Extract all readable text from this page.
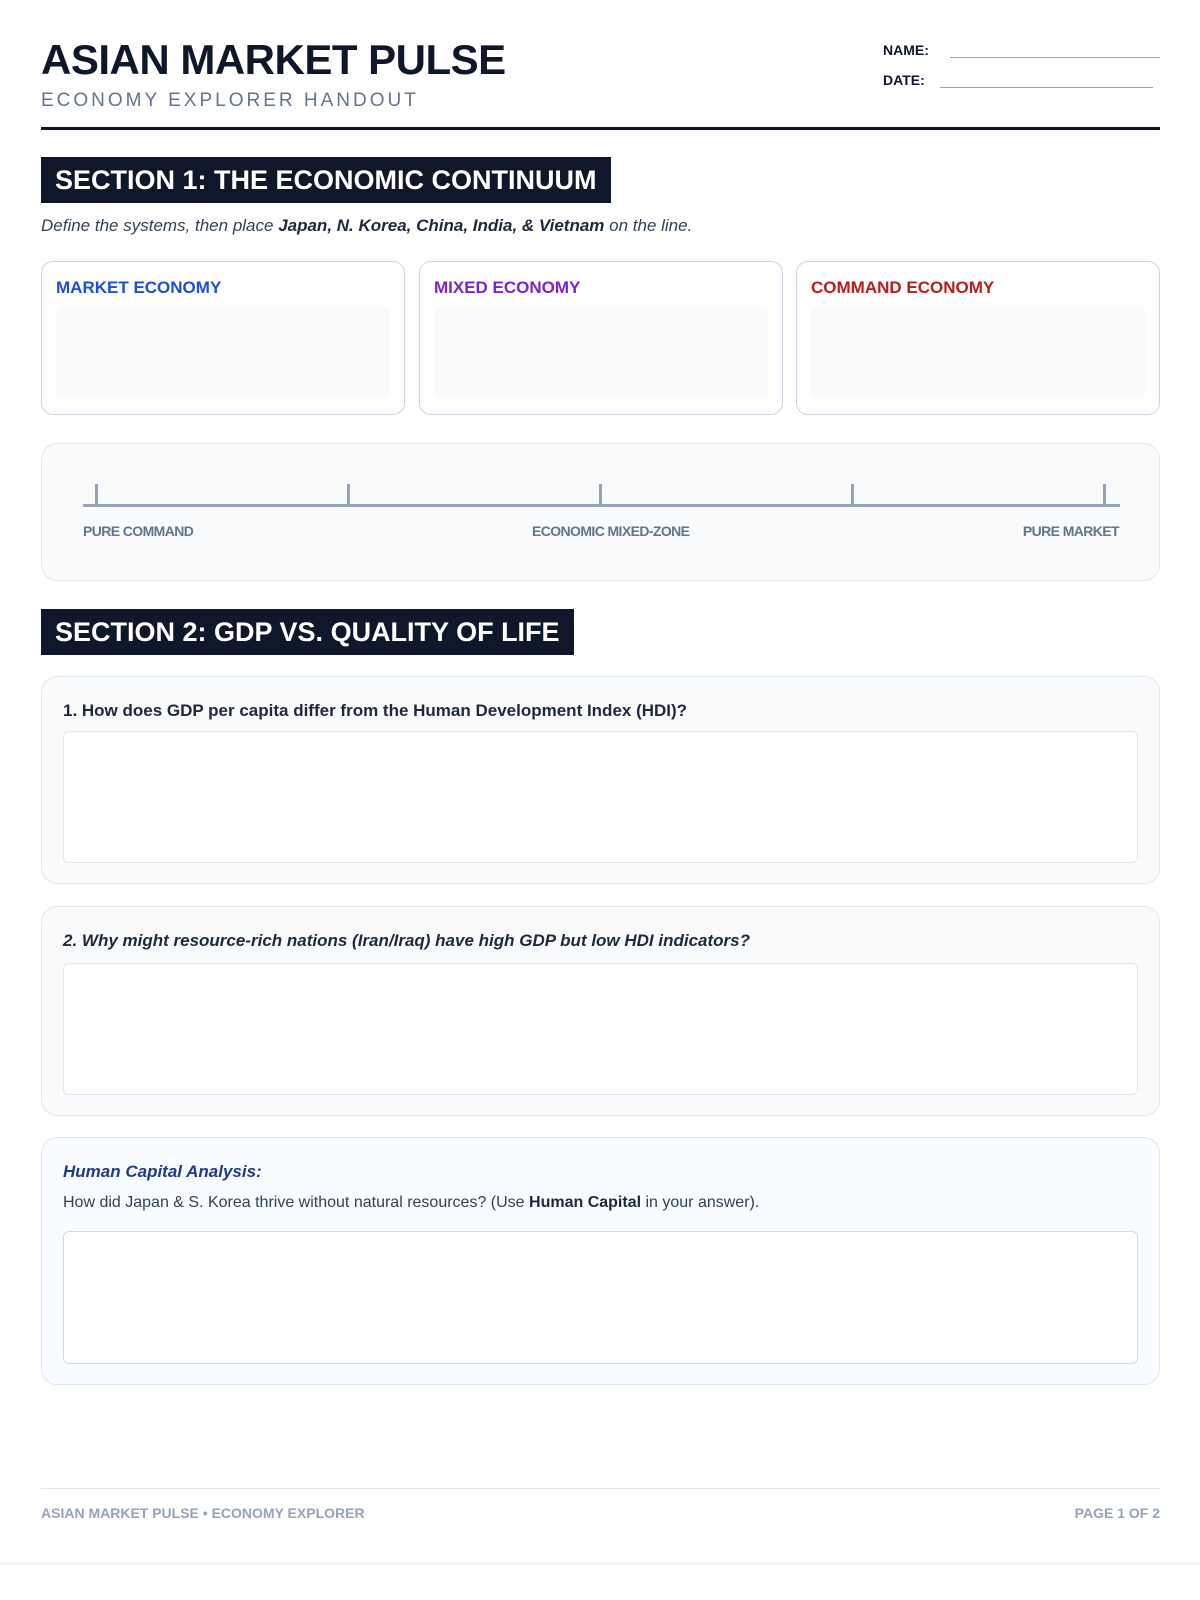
ASIAN MARKET PULSE
ECONOMY EXPLORER HANDOUT
NAME:
DATE:
SECTION 1: THE ECONOMIC CONTINUUM
Define the systems, then place Japan, N. Korea, China, India, & Vietnam on the line.
MARKET ECONOMY	MIXED ECONOMY	COMMAND ECONOMY
PURE COMMAND	ECONOMIC MIXED-ZONE	PURE MARKET
SECTION 2: GDP VS. QUALITY OF LIFE
1. How does GDP per capita differ from the Human Development Index (HDI)?
2. Why might resource-rich nations (Iran/Iraq) have high GDP but low HDI indicators?
Human Capital Analysis:
How did Japan & S. Korea thrive without natural resources? (Use Human Capital in your answer).
ASIAN MARKET PULSE • ECONOMY EXPLORER	PAGE 1 OF 2
